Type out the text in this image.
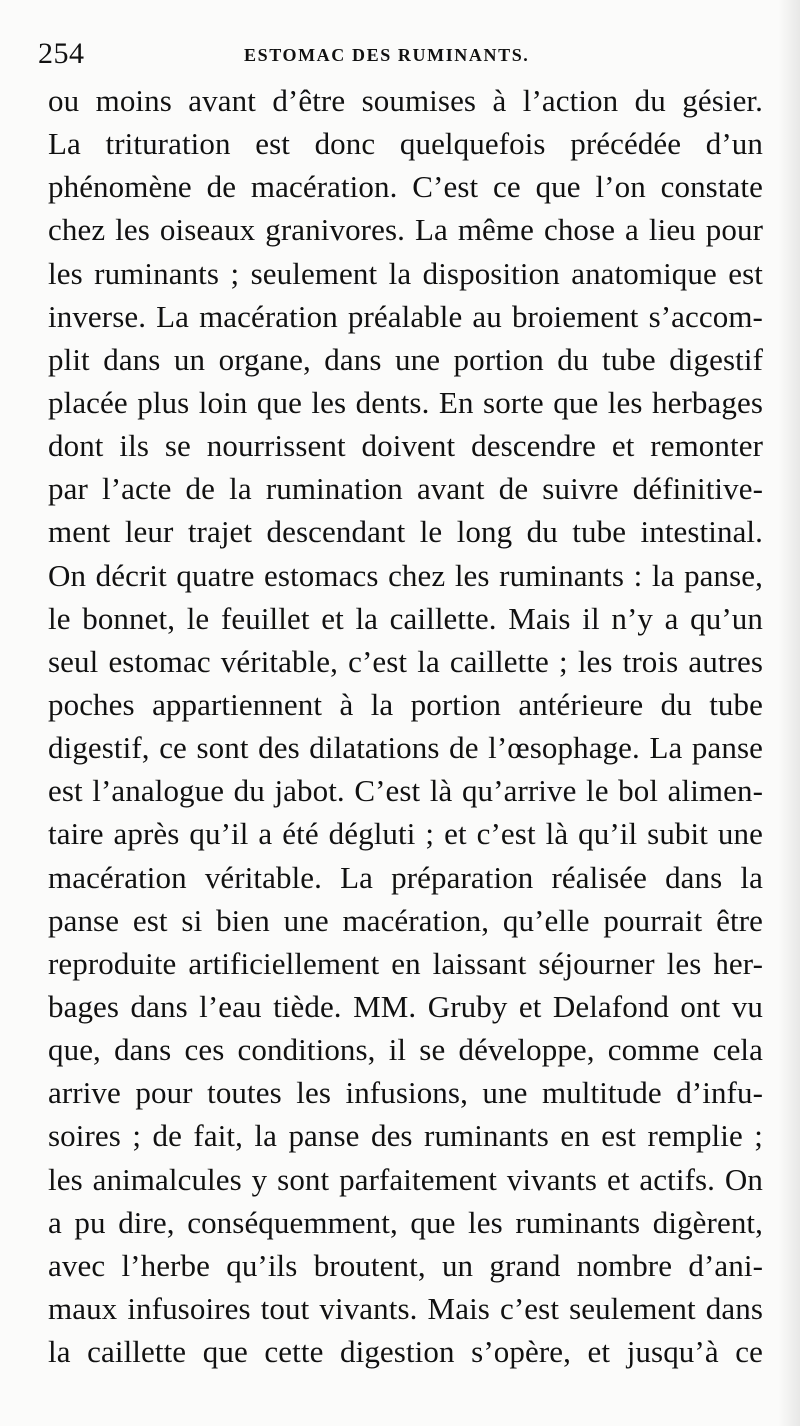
254	ESTOMAC DES RUMINANTS.
ou moins avant d’être soumises à l’action du gésier.
La trituration est donc quelquefois précédée d’un
phénomène de macération. C’est ce que l’on constate
chez les oiseaux granivores. La même chose a lieu pour
les ruminants ; seulement la disposition anatomique est
inverse. La macération préalable au broiement s’accom-
plit dans un organe, dans une portion du tube digestif
placée plus loin que les dents. En sorte que les herbages
dont ils se nourrissent doivent descendre et remonter
par l’acte de la rumination avant de suivre définitive-
ment leur trajet descendant le long du tube intestinal.
On décrit quatre estomacs chez les ruminants : la panse,
le bonnet, le feuillet et la caillette. Mais il n’y a qu’un
seul estomac véritable, c’est la caillette ; les trois autres
poches appartiennent à la portion antérieure du tube
digestif, ce sont des dilatations de l’œsophage. La panse
est l’analogue du jabot. C’est là qu’arrive le bol alimen-
taire après qu’il a été dégluti ; et c’est là qu’il subit une
macération véritable. La préparation réalisée dans la
panse est si bien une macération, qu’elle pourrait être
reproduite artificiellement en laissant séjourner les her-
bages dans l’eau tiède. MM. Gruby et Delafond ont vu
que, dans ces conditions, il se développe, comme cela
arrive pour toutes les infusions, une multitude d’infu-
soires ; de fait, la panse des ruminants en est remplie ;
les animalcules y sont parfaitement vivants et actifs. On
a pu dire, conséquemment, que les ruminants digèrent,
avec l’herbe qu’ils broutent, un grand nombre d’ani-
maux infusoires tout vivants. Mais c’est seulement dans
la caillette que cette digestion s’opère, et jusqu’à ce
